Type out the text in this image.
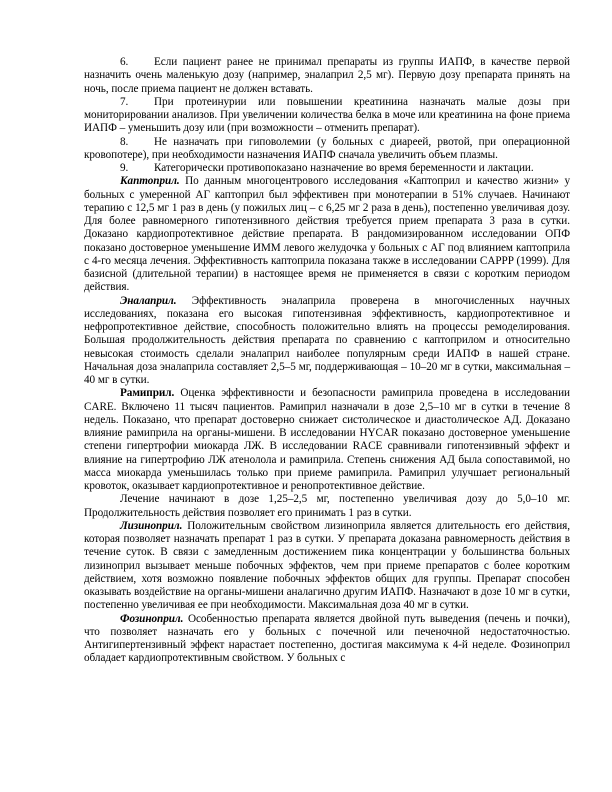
6. Если пациент ранее не принимал препараты из группы ИАПФ, в качестве первой назначить очень маленькую дозу (например, эналаприл 2,5 мг). Первую дозу препарата принять на ночь, после приема пациент не должен вставать.

7. При протеинурии или повышении креатинина назначать малые дозы при мониторировании анализов. При увеличении количества белка в моче или креатинина на фоне приема ИАПФ – уменьшить дозу или (при возможности – отменить препарат).

8. Не назначать при гиповолемии (у больных с диареей, рвотой, при операционной кровопотере), при необходимости назначения ИАПФ сначала увеличить объем плазмы.

9. Категорически противопоказано назначение во время беременности и лактации.

Каптоприл. По данным многоцентрового исследования «Каптоприл и качество жизни» у больных с умеренной АГ каптоприл был эффективен при монотерапии в 51% случаев. Начинают терапию с 12,5 мг 1 раз в день (у пожилых лиц – с 6,25 мг 2 раза в день), постепенно увеличивая дозу. Для более равномерного гипотензивного действия требуется прием препарата 3 раза в сутки. Доказано кардиопротективное действие препарата. В рандомизированном исследовании ОПФ показано достоверное уменьшение ИММ левого желудочка у больных с АГ под влиянием каптоприла с 4-го месяца лечения. Эффективность каптоприла показана также в исследовании CAPPP (1999). Для базисной (длительной терапии) в настоящее время не применяется в связи с коротким периодом действия.

Эналаприл. Эффективность эналаприла проверена в многочисленных научных исследованиях, показана его высокая гипотензивная эффективность, кардиопротективное и нефропротективное действие, способность положительно влиять на процессы ремоделирования. Большая продолжительность действия препарата по сравнению с каптоприлом и относительно невысокая стоимость сделали эналаприл наиболее популярным среди ИАПФ в нашей стране. Начальная доза эналаприла составляет 2,5–5 мг, поддерживающая – 10–20 мг в сутки, максимальная – 40 мг в сутки.

Рамиприл. Оценка эффективности и безопасности рамиприла проведена в исследовании CARE. Включено 11 тысяч пациентов. Рамиприл назначали в дозе 2,5–10 мг в сутки в течение 8 недель. Показано, что препарат достоверно снижает систолическое и диастолическое АД. Доказано влияние рамиприла на органы-мишени. В исследовании HYCAR показано достоверное уменьшение степени гипертрофии миокарда ЛЖ. В исследовании RACE сравнивали гипотензивный эффект и влияние на гипертрофию ЛЖ атенолола и рамиприла. Степень снижения АД была сопоставимой, но масса миокарда уменьшилась только при приеме рамиприла. Рамиприл улучшает региональный кровоток, оказывает кардиопротективное и ренопротективное действие.

Лечение начинают в дозе 1,25–2,5 мг, постепенно увеличивая дозу до 5,0–10 мг. Продолжительность действия позволяет его принимать 1 раз в сутки.

Лизиноприл. Положительным свойством лизиноприла является длительность его действия, которая позволяет назначать препарат 1 раз в сутки. У препарата доказана равномерность действия в течение суток. В связи с замедленным достижением пика концентрации у большинства больных лизиноприл вызывает меньше побочных эффектов, чем при приеме препаратов с более коротким действием, хотя возможно появление побочных эффектов общих для группы. Препарат способен оказывать воздействие на органы-мишени аналагично другим ИАПФ. Назначают в дозе 10 мг в сутки, постепенно увеличивая ее при необходимости. Максимальная доза 40 мг в сутки.

Фозиноприл. Особенностью препарата является двойной путь выведения (печень и почки), что позволяет назначать его у больных с почечной или печеночной недостаточностью. Антигипертензивный эффект нарастает постепенно, достигая максимума к 4-й неделе. Фозиноприл обладает кардиопротективным свойством. У больных с
